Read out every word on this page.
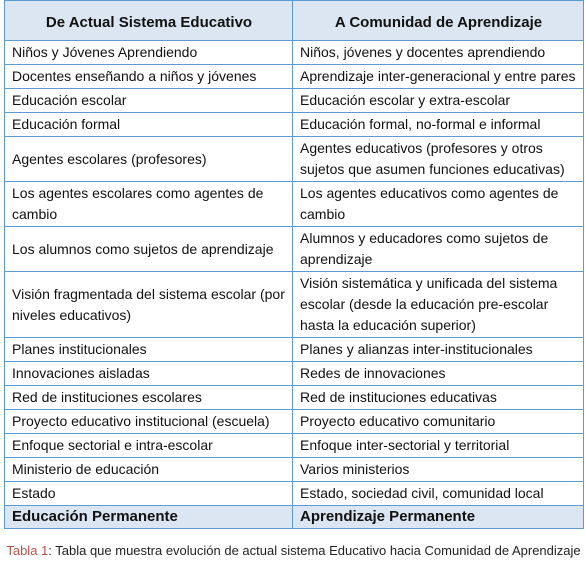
De Actual Sistema Educativo	A Comunidad de Aprendizaje
Niños y Jóvenes Aprendiendo	Niños, jóvenes y docentes aprendiendo
Docentes enseñando a niños y jóvenes	Aprendizaje inter-generacional y entre pares
Educación escolar	Educación escolar y extra-escolar
Educación formal	Educación formal, no-formal e informal
Agentes escolares (profesores)	Agentes educativos (profesores y otros sujetos que asumen funciones educativas)
Los agentes escolares como agentes de cambio	Los agentes educativos como agentes de cambio
Los alumnos como sujetos de aprendizaje	Alumnos y educadores como sujetos de aprendizaje
Visión fragmentada del sistema escolar (por niveles educativos)	Visión sistemática y unificada del sistema escolar (desde la educación pre-escolar hasta la educación superior)
Planes institucionales	Planes y alianzas inter-institucionales
Innovaciones aisladas	Redes de innovaciones
Red de instituciones escolares	Red de instituciones educativas
Proyecto educativo institucional (escuela)	Proyecto educativo comunitario
Enfoque sectorial e intra-escolar	Enfoque inter-sectorial y territorial
Ministerio de educación	Varios ministerios
Estado	Estado, sociedad civil, comunidad local
Educación Permanente	Aprendizaje Permanente
Tabla 1: Tabla que muestra evolución de actual sistema Educativo hacia Comunidad de Aprendizaje
